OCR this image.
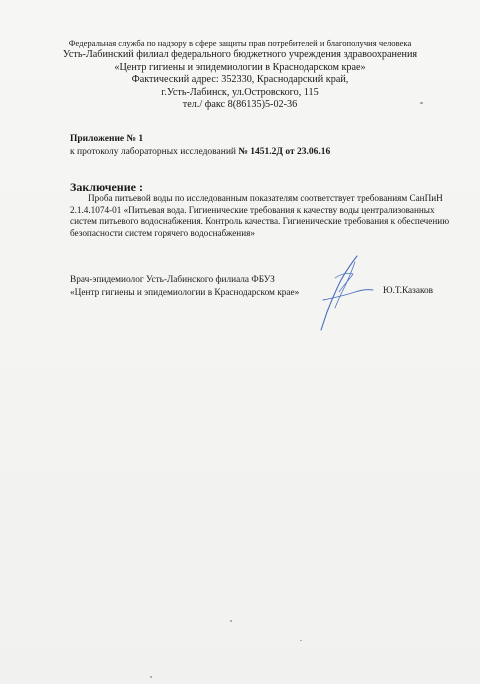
Федеральная служба по надзору в сфере защиты прав потребителей и благополучия человека
Усть-Лабинский филиал федерального бюджетного учреждения здравоохранения
«Центр гигиены и эпидемиологии в Краснодарском крае»
Фактический адрес: 352330, Краснодарский край,
г.Усть-Лабинск, ул.Островского, 115
тел./ факс 8(86135)5-02-36
Приложение № 1
к протоколу лабораторных исследований № 1451.2Д от 23.06.16
Заключение :
Проба питьевой воды по исследованным показателям соответствует требованиям СанПиН 2.1.4.1074-01 «Питьевая вода. Гигиенические требования к качеству воды централизованных систем питьевого водоснабжения. Контроль качества. Гигиенические требования к обеспечению безопасности систем горячего водоснабжения»
Врач-эпидемиолог Усть-Лабинского филиала ФБУЗ
«Центр гигиены и эпидемиологии в Краснодарском крае»	Ю.Т.Казаков
